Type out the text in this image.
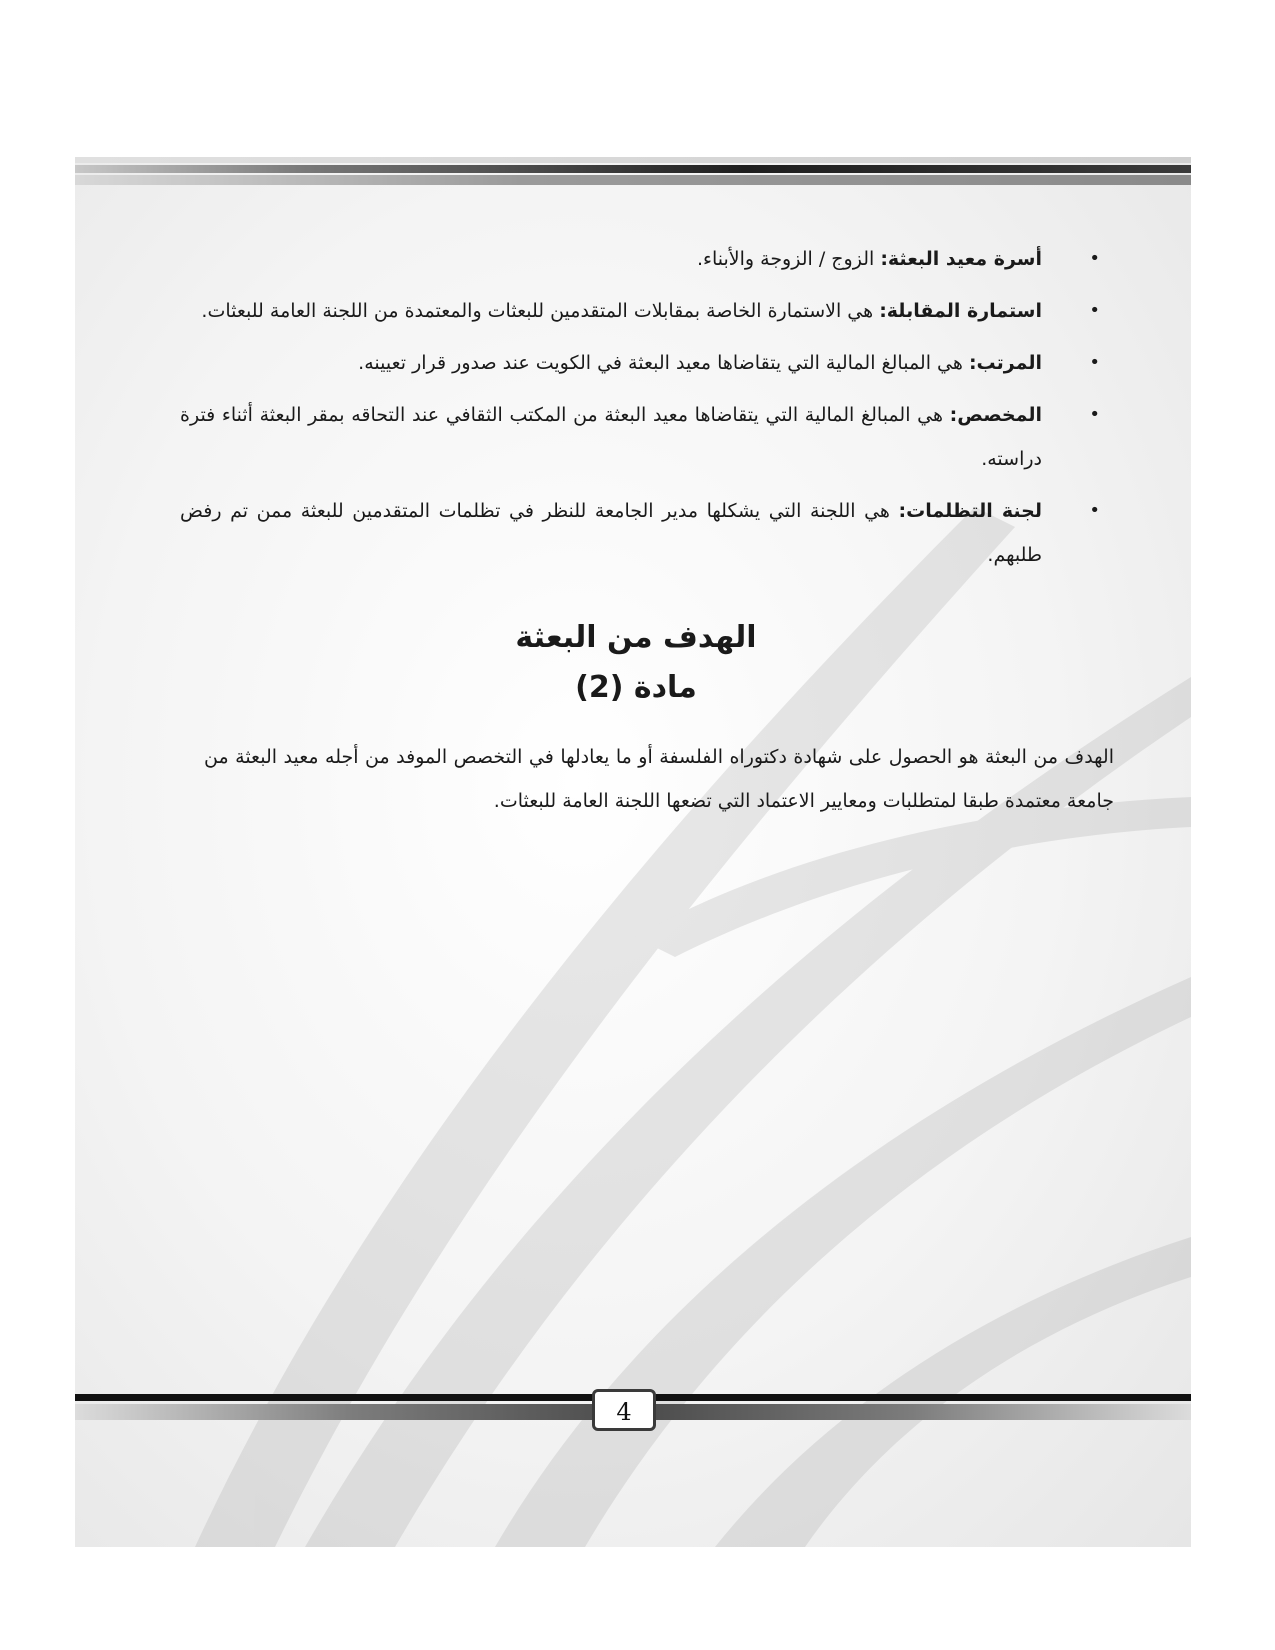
•
أسرة معيد البعثة: الزوج / الزوجة والأبناء.
•
استمارة المقابلة: هي الاستمارة الخاصة بمقابلات المتقدمين للبعثات والمعتمدة من اللجنة العامة للبعثات.
•
المرتب: هي المبالغ المالية التي يتقاضاها معيد البعثة في الكويت عند صدور قرار تعيينه.
•
المخصص: هي المبالغ المالية التي يتقاضاها معيد البعثة من المكتب الثقافي عند التحاقه بمقر البعثة أثناء فترة دراسته.
•
لجنة التظلمات: هي اللجنة التي يشكلها مدير الجامعة للنظر في تظلمات المتقدمين للبعثة ممن تم رفض طلبهم.
الهدف من البعثة
مادة (2)

الهدف من البعثة هو الحصول على شهادة دكتوراه الفلسفة أو ما يعادلها في التخصص الموفد من أجله معيد البعثة من جامعة معتمدة طبقا لمتطلبات ومعايير الاعتماد التي تضعها اللجنة العامة للبعثات.

4
